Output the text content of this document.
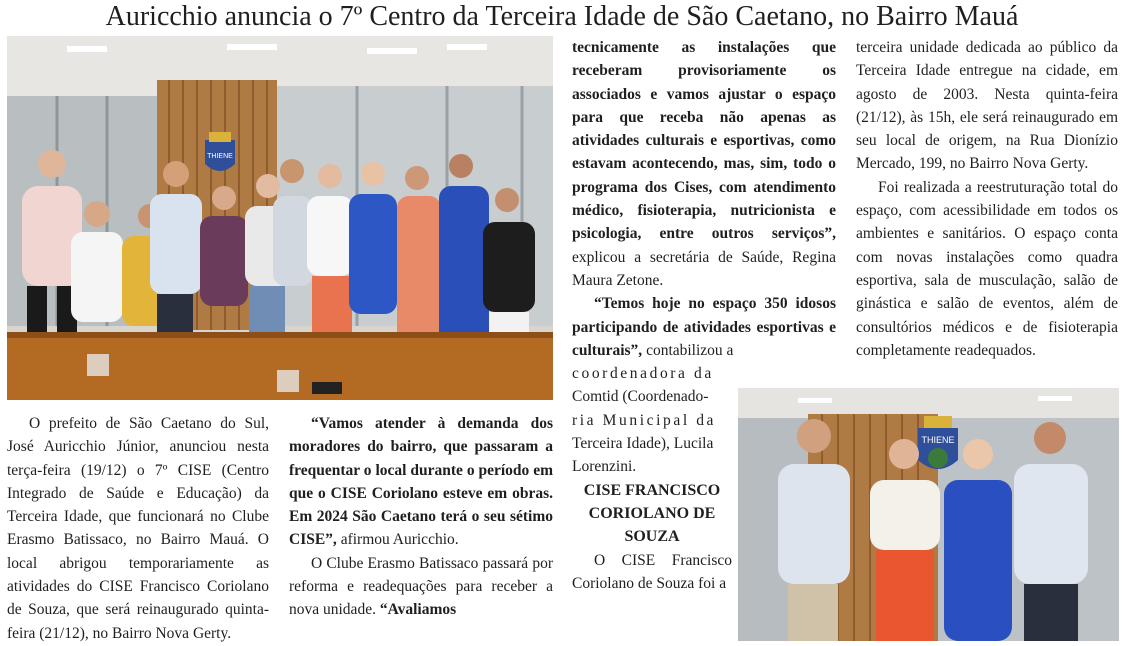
Auricchio anuncia o 7º Centro da Terceira Idade de São Caetano, no Bairro Mauá
THIENE

O prefeito de São Caetano do Sul, José Auricchio Júnior, anunciou nesta terça-feira (19/12) o 7º CISE (Centro Integrado de Saúde e Educação) da Terceira Idade, que funcionará no Clube Erasmo Batissaco, no Bairro Mauá. O local abrigou temporariamente as atividades do CISE Francisco Coriolano de Souza, que será reinaugurado quinta-feira (21/12), no Bairro Nova Gerty.

“Vamos atender à demanda dos moradores do bairro, que passaram a frequentar o local durante o período em que o CISE Coriolano esteve em obras. Em 2024 São Caetano terá o seu sétimo CISE”, afirmou Auricchio.

O Clube Erasmo Batissaco passará por reforma e readequações para receber a nova unidade. “Avaliamos

tecnicamente as instalações que receberam provisoriamente os associados e vamos ajustar o espaço para que receba não apenas as atividades culturais e esportivas, como estavam acontecendo, mas, sim, todo o programa dos Cises, com atendimento médico, fisioterapia, nutricionista e psicologia, entre outros serviços”, explicou a secretária de Saúde, Regina Maura Zetone.

“Temos hoje no espaço 350 idosos participando de atividades esportivas e culturais”, contabilizou a

coordenadora da
Comtid (Coordenado-
ria Municipal da
Terceira Idade), Lucila
Lorenzini.

CISE FRANCISCO CORIOLANO DE SOUZA

O CISE Francisco Coriolano de Souza foi a

terceira unidade dedicada ao público da Terceira Idade entregue na cidade, em agosto de 2003. Nesta quinta-feira (21/12), às 15h, ele será reinaugurado em seu local de origem, na Rua Dionízio Mercado, 199, no Bairro Nova Gerty.

Foi realizada a reestruturação total do espaço, com acessibilidade em todos os ambientes e sanitários. O espaço conta com novas instalações como quadra esportiva, sala de musculação, salão de ginástica e salão de eventos, além de consultórios médicos e de fisioterapia completamente readequados.

THIENE
